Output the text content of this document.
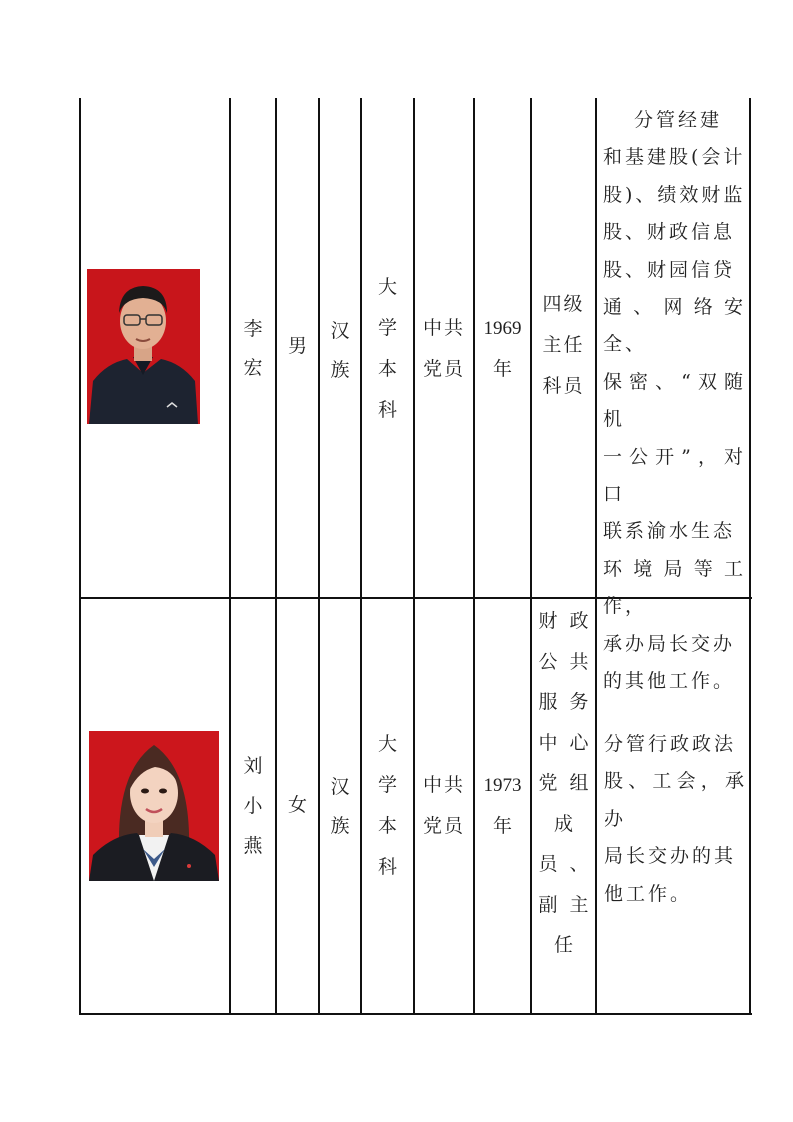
李
宏
男
汉
族
大
学
本
科
中共
党员
1969
年
四级
主任
科员
　 分管经建
和基建股(会计
股)、绩效财监
股、财政信息
股、财园信贷
通、网络安全、
保密、“双随机
一公开”，对口
联系渝水生态
环境局等工作，
承办局长交办
的其他工作。
刘
小
燕
女
汉
族
大
学
本
科
中共
党员
1973
年
财  政
公  共
服  务
中  心
党  组
成
员  、
副  主
任
分管行政政法
股、工会，承办
局长交办的其
他工作。
